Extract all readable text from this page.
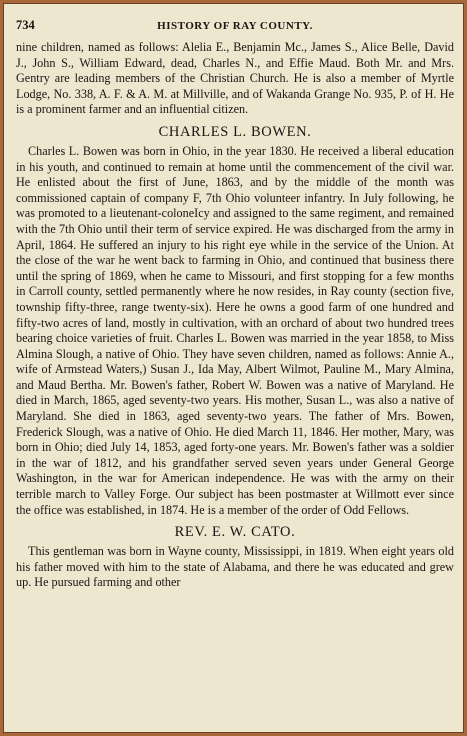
734	HISTORY OF RAY COUNTY.

nine children, named as follows: Alelia E., Benjamin Mc., James S., Alice Belle, David J., John S., William Edward, dead, Charles N., and Effie Maud. Both Mr. and Mrs. Gentry are leading members of the Christian Church. He is also a member of Myrtle Lodge, No. 338, A. F. & A. M. at Millville, and of Wakanda Grange No. 935, P. of H. He is a prominent farmer and an influential citizen.

CHARLES L. BOWEN.

Charles L. Bowen was born in Ohio, in the year 1830. He received a liberal education in his youth, and continued to remain at home until the commencement of the civil war. He enlisted about the first of June, 1863, and by the middle of the month was commissioned captain of company F, 7th Ohio volunteer infantry. In July following, he was promoted to a lieutenant-coloneIcy and assigned to the same regiment, and remained with the 7th Ohio until their term of service expired. He was discharged from the army in April, 1864. He suffered an injury to his right eye while in the service of the Union. At the close of the war he went back to farming in Ohio, and continued that business there until the spring of 1869, when he came to Missouri, and first stopping for a few months in Carroll county, settled permanently where he now resides, in Ray county (section five, township fifty-three, range twenty-six). Here he owns a good farm of one hundred and fifty-two acres of land, mostly in cultivation, with an orchard of about two hundred trees bearing choice varieties of fruit. Charles L. Bowen was married in the year 1858, to Miss Almina Slough, a native of Ohio. They have seven children, named as follows: Annie A., wife of Armstead Waters,) Susan J., Ida May, Albert Wilmot, Pauline M., Mary Almina, and Maud Bertha. Mr. Bowen's father, Robert W. Bowen was a native of Maryland. He died in March, 1865, aged seventy-two years. His mother, Susan L., was also a native of Maryland. She died in 1863, aged seventy-two years. The father of Mrs. Bowen, Frederick Slough, was a native of Ohio. He died March 11, 1846. Her mother, Mary, was born in Ohio; died July 14, 1853, aged forty-one years. Mr. Bowen's father was a soldier in the war of 1812, and his grandfather served seven years under General George Washington, in the war for American independence. He was with the army on their terrible march to Valley Forge. Our subject has been postmaster at Willmott ever since the office was established, in 1874. He is a member of the order of Odd Fellows.

REV. E. W. CATO.

This gentleman was born in Wayne county, Mississippi, in 1819. When eight years old his father moved with him to the state of Alabama, and there he was educated and grew up. He pursued farming and other
